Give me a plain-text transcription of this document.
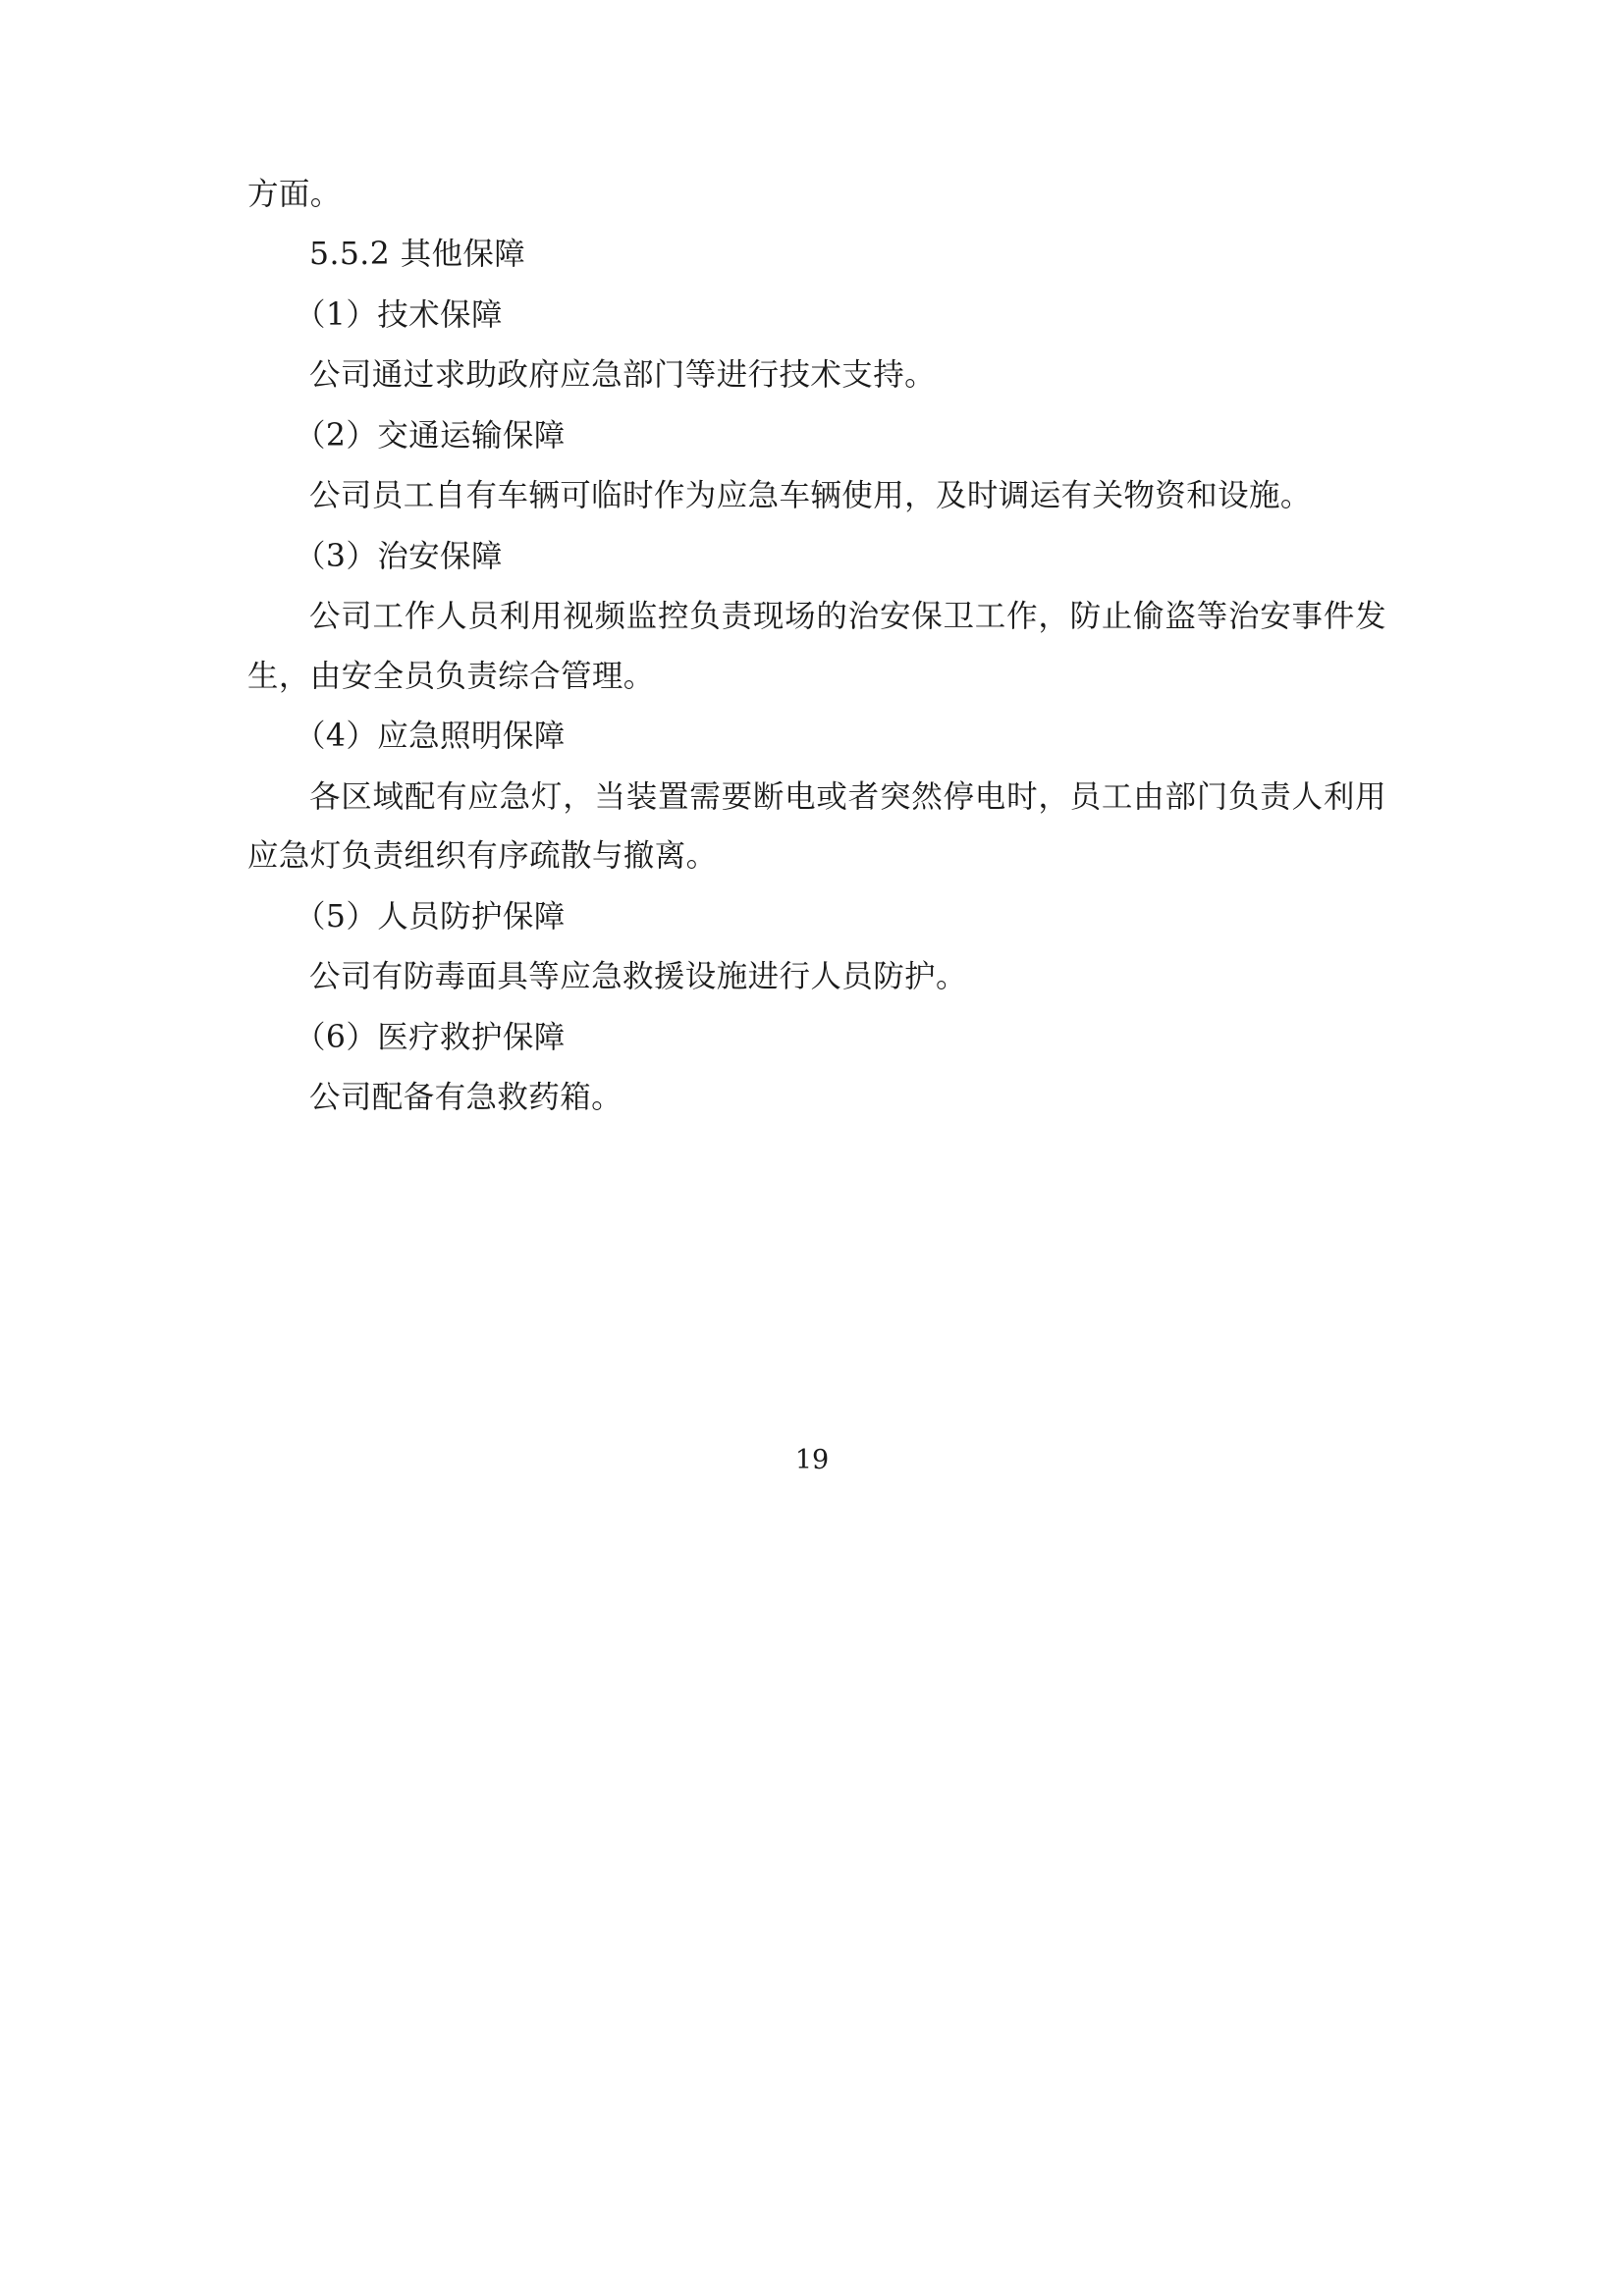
方面。

5.5.2 其他保障

（1）技术保障

公司通过求助政府应急部门等进行技术支持。

（2）交通运输保障

公司员工自有车辆可临时作为应急车辆使用，及时调运有关物资和设施。

（3）治安保障

公司工作人员利用视频监控负责现场的治安保卫工作，防止偷盗等治安事件发生，由安全员负责综合管理。

（4）应急照明保障

各区域配有应急灯，当装置需要断电或者突然停电时，员工由部门负责人利用应急灯负责组织有序疏散与撤离。

（5）人员防护保障

公司有防毒面具等应急救援设施进行人员防护。

（6）医疗救护保障

公司配备有急救药箱。

19
